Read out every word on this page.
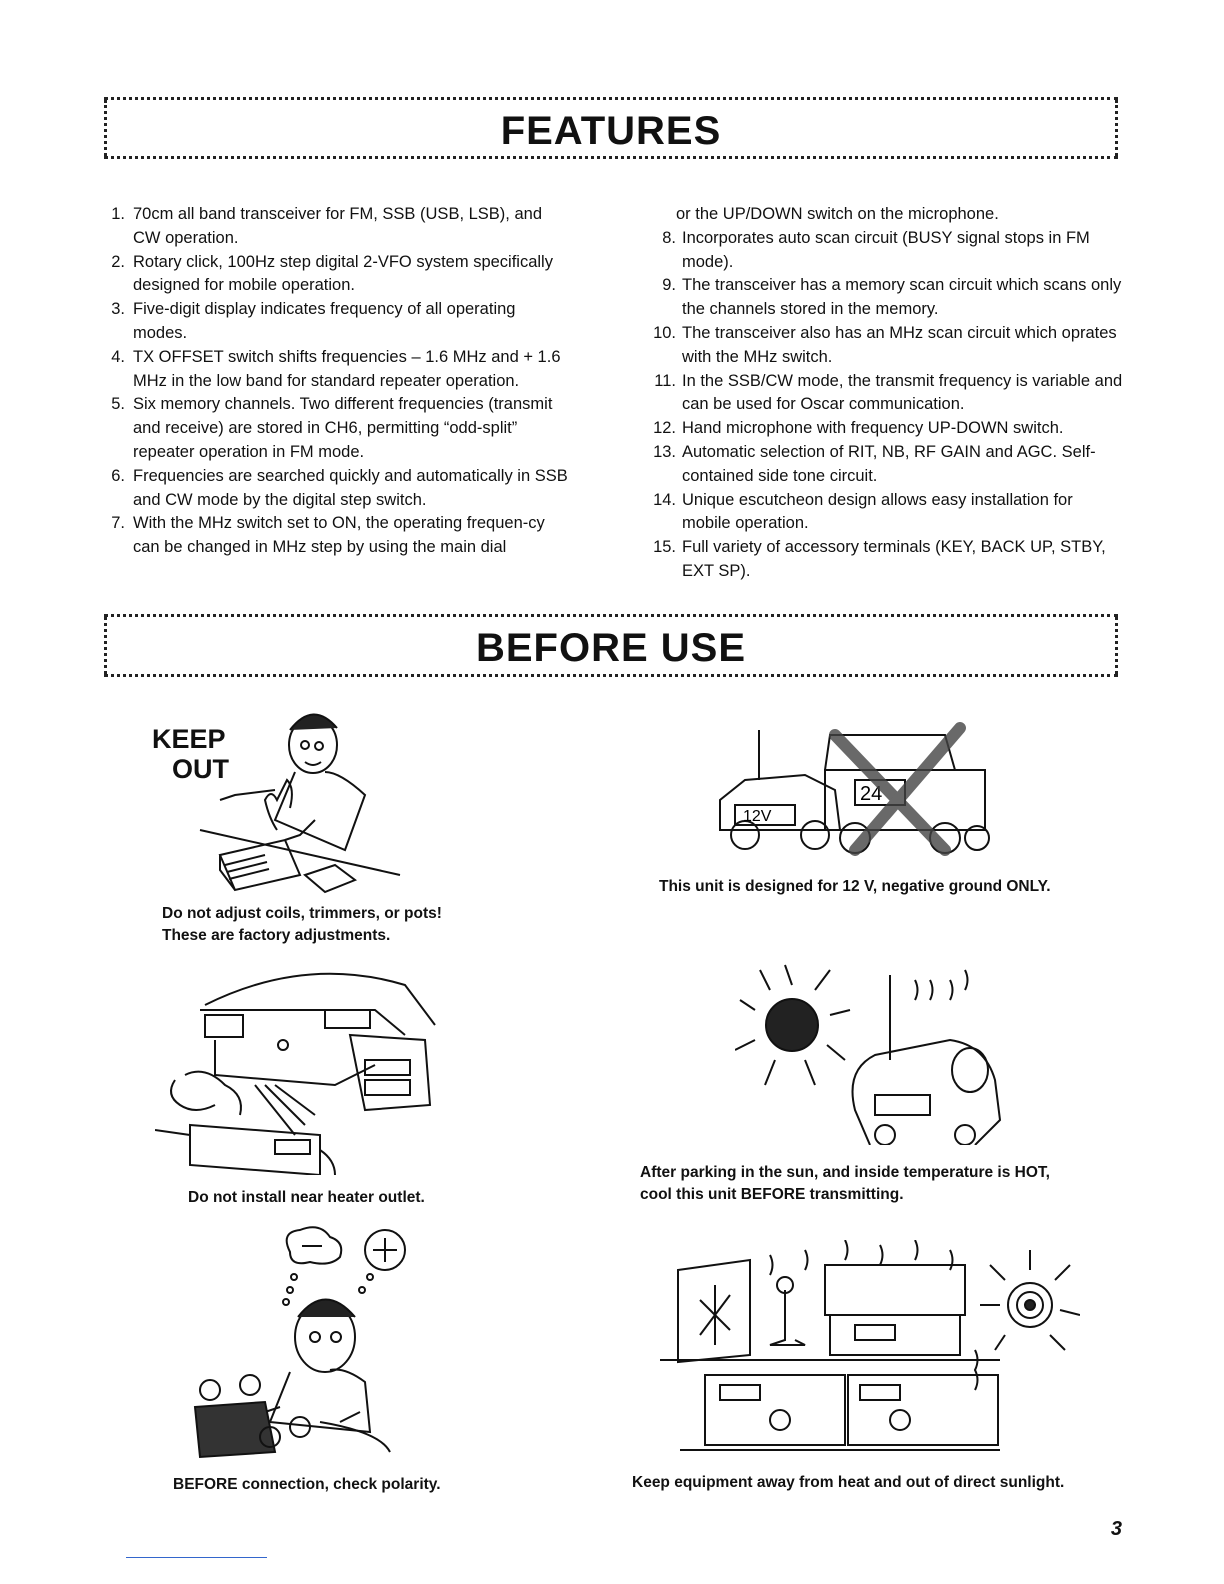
FEATURES
1. 70cm all band transceiver for FM, SSB (USB, LSB), and CW operation.
2. Rotary click, 100Hz step digital 2-VFO system specifically designed for mobile operation.
3. Five-digit display indicates frequency of all operating modes.
4. TX OFFSET switch shifts frequencies – 1.6 MHz and + 1.6 MHz in the low band for standard repeater operation.
5. Six memory channels. Two different frequencies (transmit and receive) are stored in CH6, permitting “odd-split” repeater operation in FM mode.
6. Frequencies are searched quickly and automatically in SSB and CW mode by the digital step switch.
7. With the MHz switch set to ON, the operating frequen-cy can be changed in MHz step by using the main dial
or the UP/DOWN switch on the microphone.
8. Incorporates auto scan circuit (BUSY signal stops in FM mode).
9. The transceiver has a memory scan circuit which scans only the channels stored in the memory.
10. The transceiver also has an MHz scan circuit which oprates with the MHz switch.
11. In the SSB/CW mode, the transmit frequency is variable and can be used for Oscar communication.
12. Hand microphone with frequency UP-DOWN switch.
13. Automatic selection of RIT, NB, RF GAIN and AGC. Self-contained side tone circuit.
14. Unique escutcheon design allows easy installation for mobile operation.
15. Full variety of accessory terminals (KEY, BACK UP, STBY, EXT SP).
BEFORE USE
KEEP
OUT
Do not adjust coils, trimmers, or pots!
These are factory adjustments.
12V
24
This unit is designed for 12 V, negative ground ONLY.
Do not install near heater outlet.
After parking in the sun, and inside temperature is HOT,
cool this unit BEFORE transmitting.
BEFORE connection, check polarity.	Keep equipment away from heat and out of direct sunlight.
3
